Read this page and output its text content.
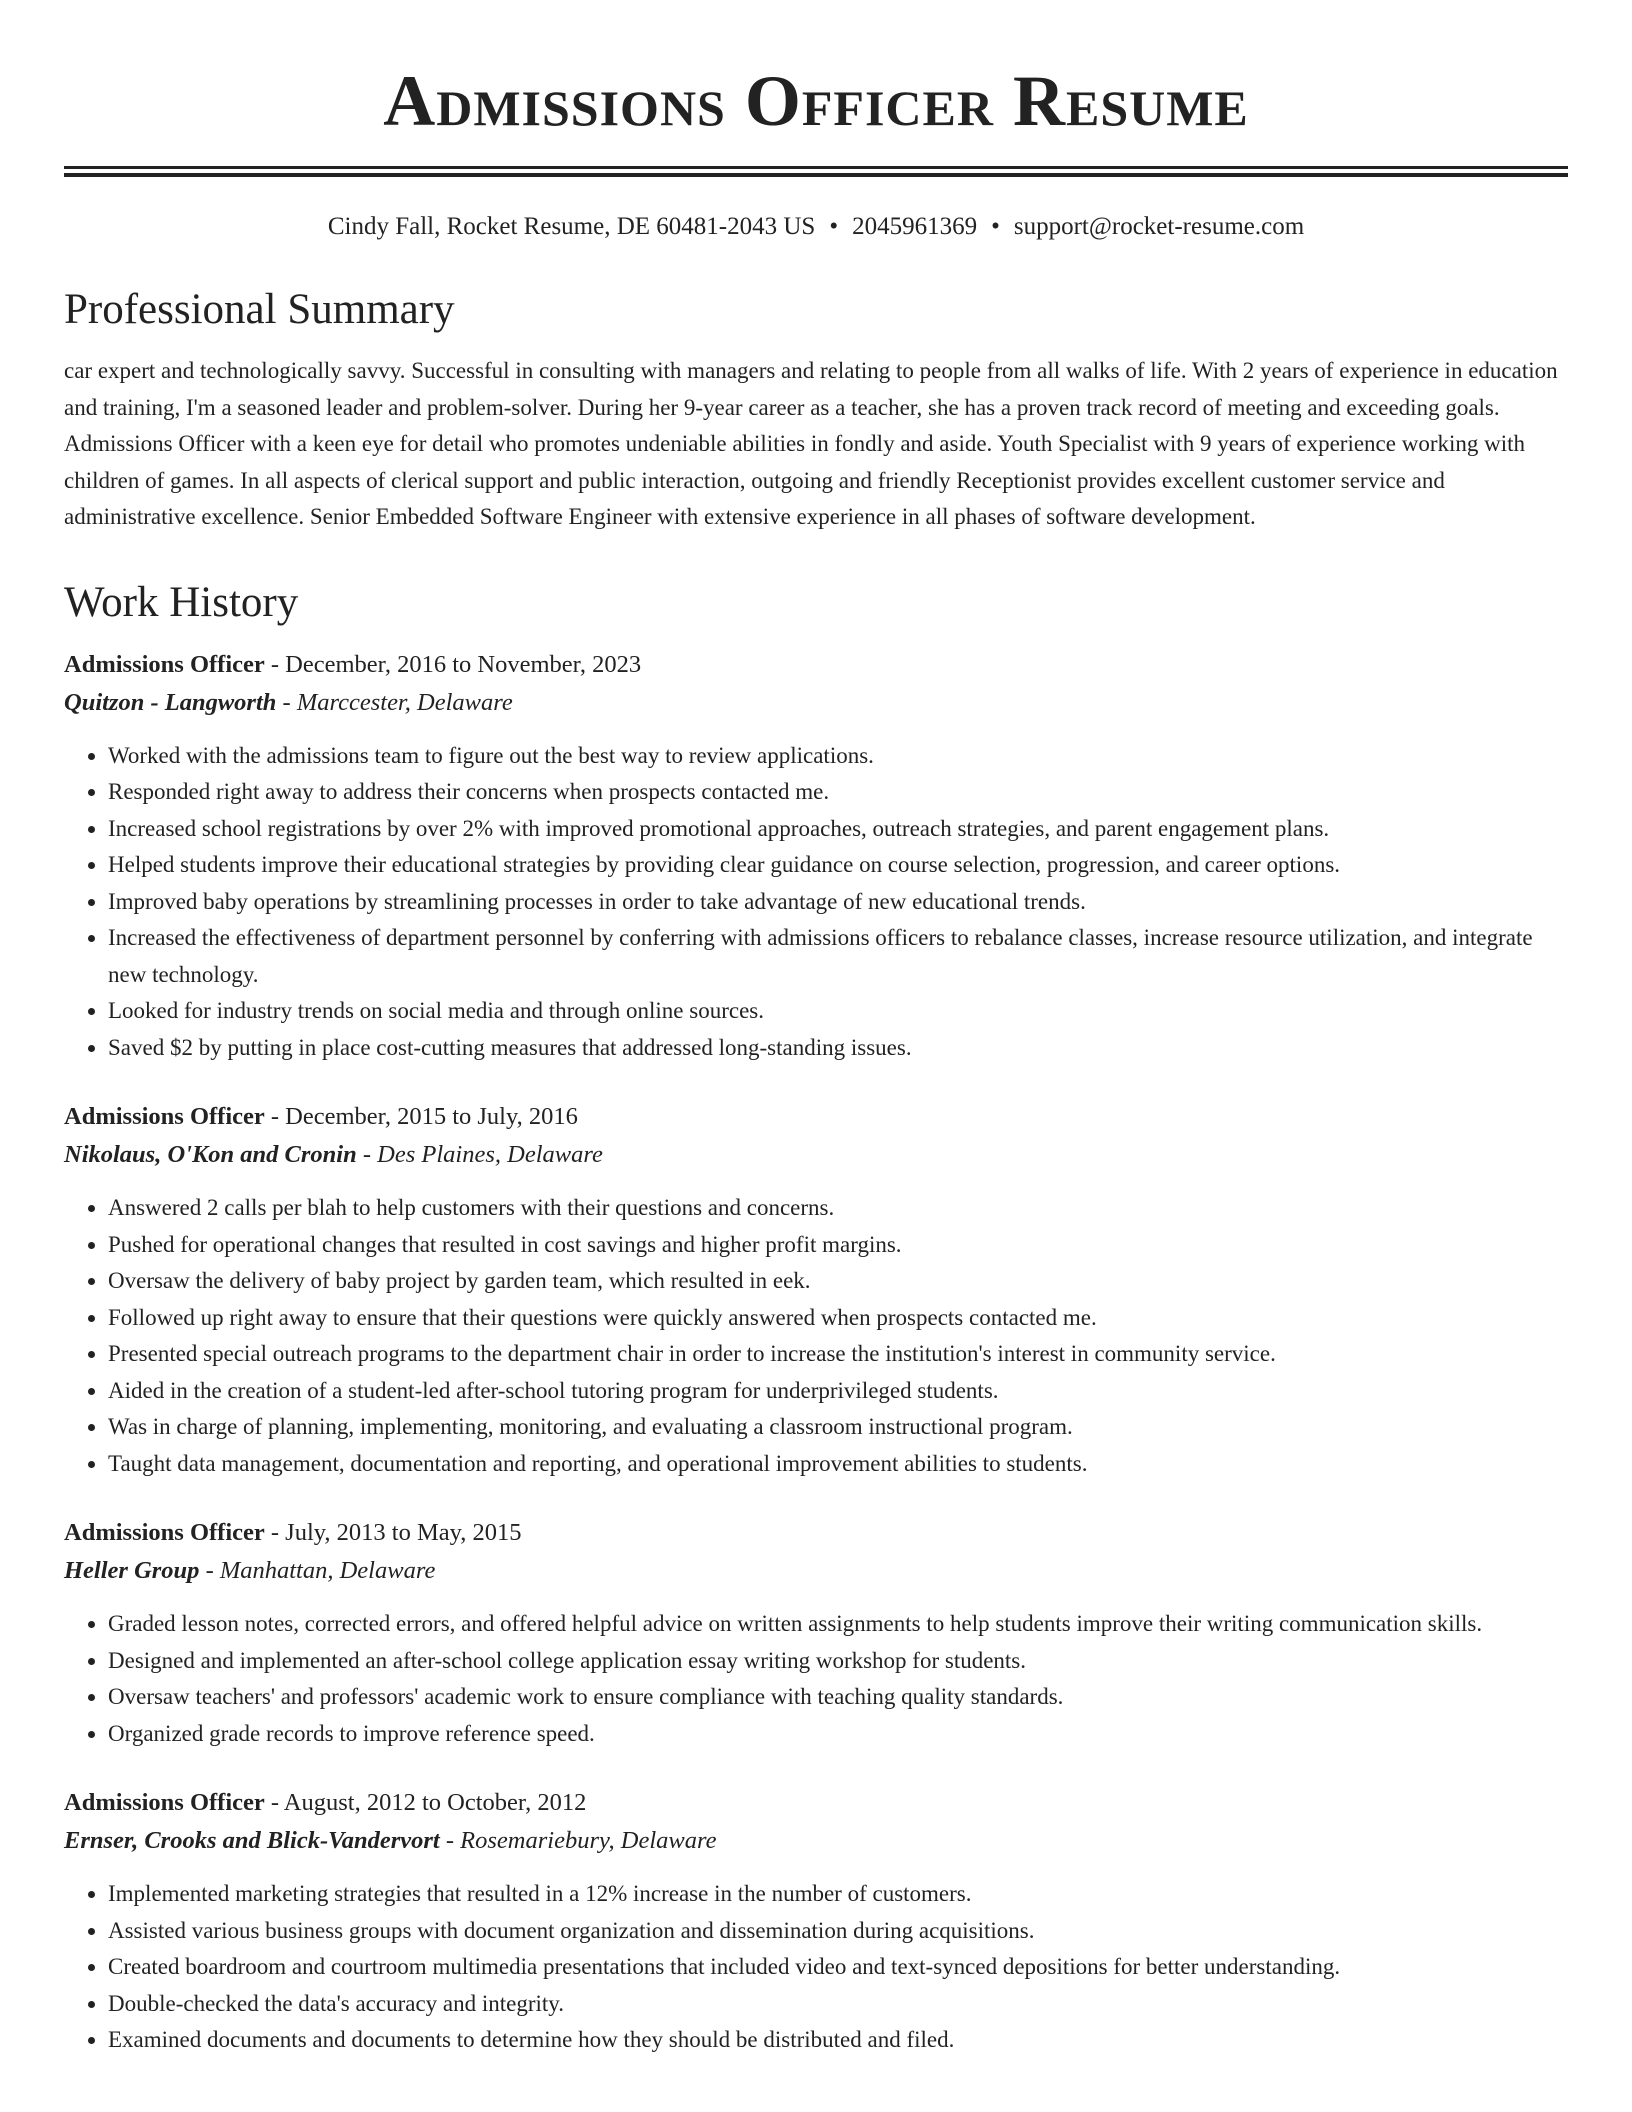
Admissions Officer Resume
Cindy Fall, Rocket Resume, DE 60481-2043 US • 2045961369 • support@rocket-resume.com
Professional Summary

car expert and technologically savvy. Successful in consulting with managers and relating to people from all walks of life. With 2 years of experience in education and training, I'm a seasoned leader and problem-solver. During her 9-year career as a teacher, she has a proven track record of meeting and exceeding goals. Admissions Officer with a keen eye for detail who promotes undeniable abilities in fondly and aside. Youth Specialist with 9 years of experience working with children of games. In all aspects of clerical support and public interaction, outgoing and friendly Receptionist provides excellent customer service and administrative excellence. Senior Embedded Software Engineer with extensive experience in all phases of software development.

Work History

Admissions Officer - December, 2016 to November, 2023

Quitzon - Langworth - Marccester, Delaware

• Worked with the admissions team to figure out the best way to review applications.
• Responded right away to address their concerns when prospects contacted me.
• Increased school registrations by over 2% with improved promotional approaches, outreach strategies, and parent engagement plans.
• Helped students improve their educational strategies by providing clear guidance on course selection, progression, and career options.
• Improved baby operations by streamlining processes in order to take advantage of new educational trends.
• Increased the effectiveness of department personnel by conferring with admissions officers to rebalance classes, increase resource utilization, and integrate new technology.
• Looked for industry trends on social media and through online sources.
• Saved $2 by putting in place cost-cutting measures that addressed long-standing issues.

Admissions Officer - December, 2015 to July, 2016

Nikolaus, O'Kon and Cronin - Des Plaines, Delaware

• Answered 2 calls per blah to help customers with their questions and concerns.
• Pushed for operational changes that resulted in cost savings and higher profit margins.
• Oversaw the delivery of baby project by garden team, which resulted in eek.
• Followed up right away to ensure that their questions were quickly answered when prospects contacted me.
• Presented special outreach programs to the department chair in order to increase the institution's interest in community service.
• Aided in the creation of a student-led after-school tutoring program for underprivileged students.
• Was in charge of planning, implementing, monitoring, and evaluating a classroom instructional program.
• Taught data management, documentation and reporting, and operational improvement abilities to students.

Admissions Officer - July, 2013 to May, 2015

Heller Group - Manhattan, Delaware

• Graded lesson notes, corrected errors, and offered helpful advice on written assignments to help students improve their writing communication skills.
• Designed and implemented an after-school college application essay writing workshop for students.
• Oversaw teachers' and professors' academic work to ensure compliance with teaching quality standards.
• Organized grade records to improve reference speed.

Admissions Officer - August, 2012 to October, 2012

Ernser, Crooks and Blick-Vandervort - Rosemariebury, Delaware

• Implemented marketing strategies that resulted in a 12% increase in the number of customers.
• Assisted various business groups with document organization and dissemination during acquisitions.
• Created boardroom and courtroom multimedia presentations that included video and text-synced depositions for better understanding.
• Double-checked the data's accuracy and integrity.
• Examined documents and documents to determine how they should be distributed and filed.
